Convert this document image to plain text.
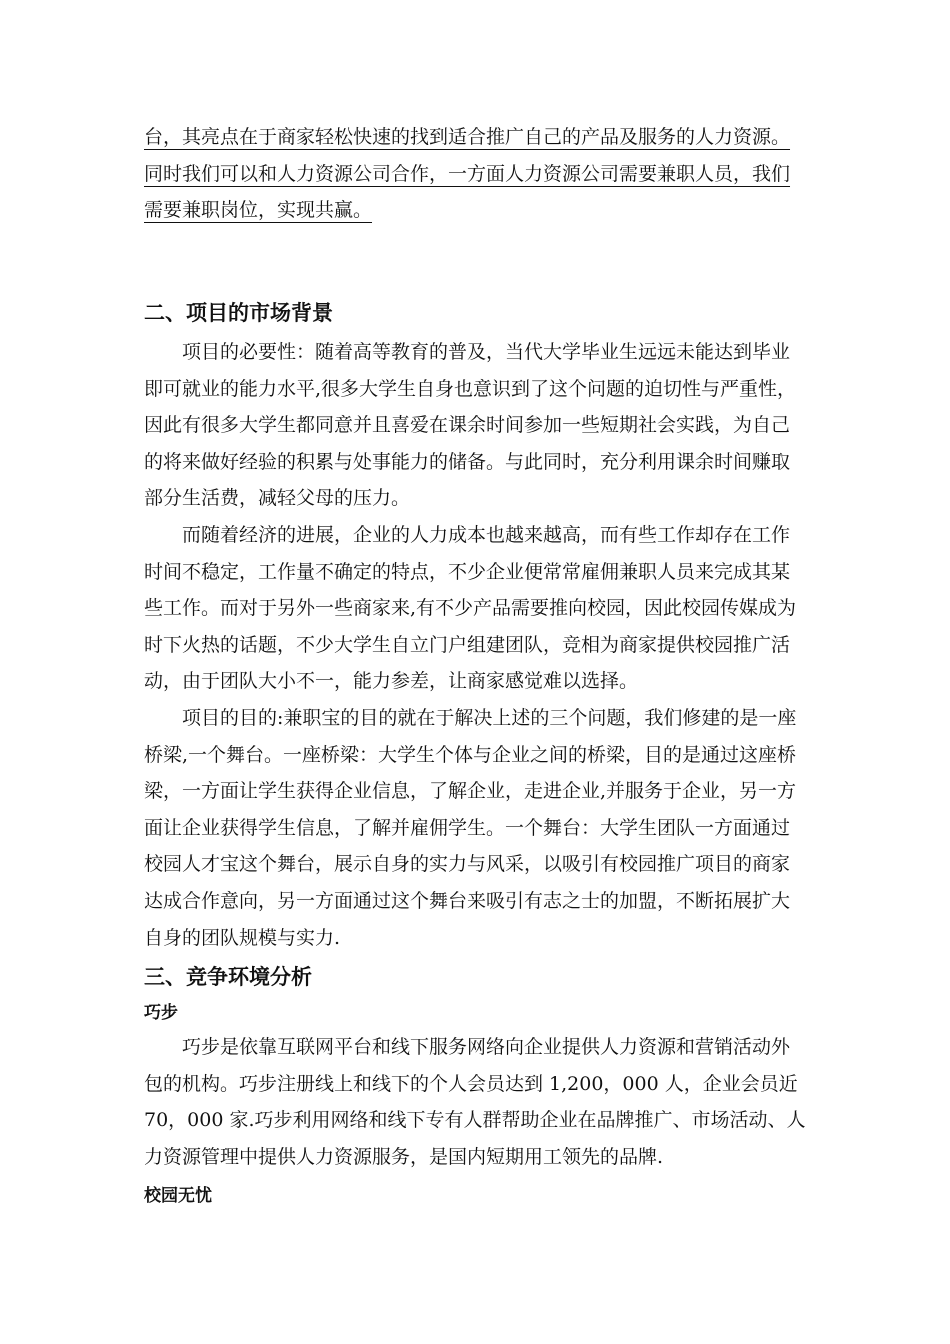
台，其亮点在于商家轻松快速的找到适合推广自己的产品及服务的人力资源。
同时我们可以和人力资源公司合作，一方面人力资源公司需要兼职人员，我们
需要兼职岗位，实现共赢。
二、项目的市场背景
项目的必要性：随着高等教育的普及，当代大学毕业生远远未能达到毕业
即可就业的能力水平,很多大学生自身也意识到了这个问题的迫切性与严重性，
因此有很多大学生都同意并且喜爱在课余时间参加一些短期社会实践，为自己
的将来做好经验的积累与处事能力的储备。与此同时，充分利用课余时间赚取
部分生活费，减轻父母的压力。
而随着经济的进展，企业的人力成本也越来越高，而有些工作却存在工作
时间不稳定，工作量不确定的特点，不少企业便常常雇佣兼职人员来完成其某
些工作。而对于另外一些商家来,有不少产品需要推向校园，因此校园传媒成为
时下火热的话题，不少大学生自立门户组建团队，竞相为商家提供校园推广活
动，由于团队大小不一，能力参差，让商家感觉难以选择。
项目的目的:兼职宝的目的就在于解决上述的三个问题，我们修建的是一座
桥梁,一个舞台。一座桥梁：大学生个体与企业之间的桥梁，目的是通过这座桥
梁，一方面让学生获得企业信息，了解企业，走进企业,并服务于企业，另一方
面让企业获得学生信息，了解并雇佣学生。一个舞台：大学生团队一方面通过
校园人才宝这个舞台，展示自身的实力与风采，以吸引有校园推广项目的商家
达成合作意向，另一方面通过这个舞台来吸引有志之士的加盟，不断拓展扩大
自身的团队规模与实力.
三、竞争环境分析
巧步
巧步是依靠互联网平台和线下服务网络向企业提供人力资源和营销活动外
包的机构。巧步注册线上和线下的个人会员达到 1,200，000 人，企业会员近
70，000 家.巧步利用网络和线下专有人群帮助企业在品牌推广、市场活动、人
力资源管理中提供人力资源服务，是国内短期用工领先的品牌.
校园无忧
